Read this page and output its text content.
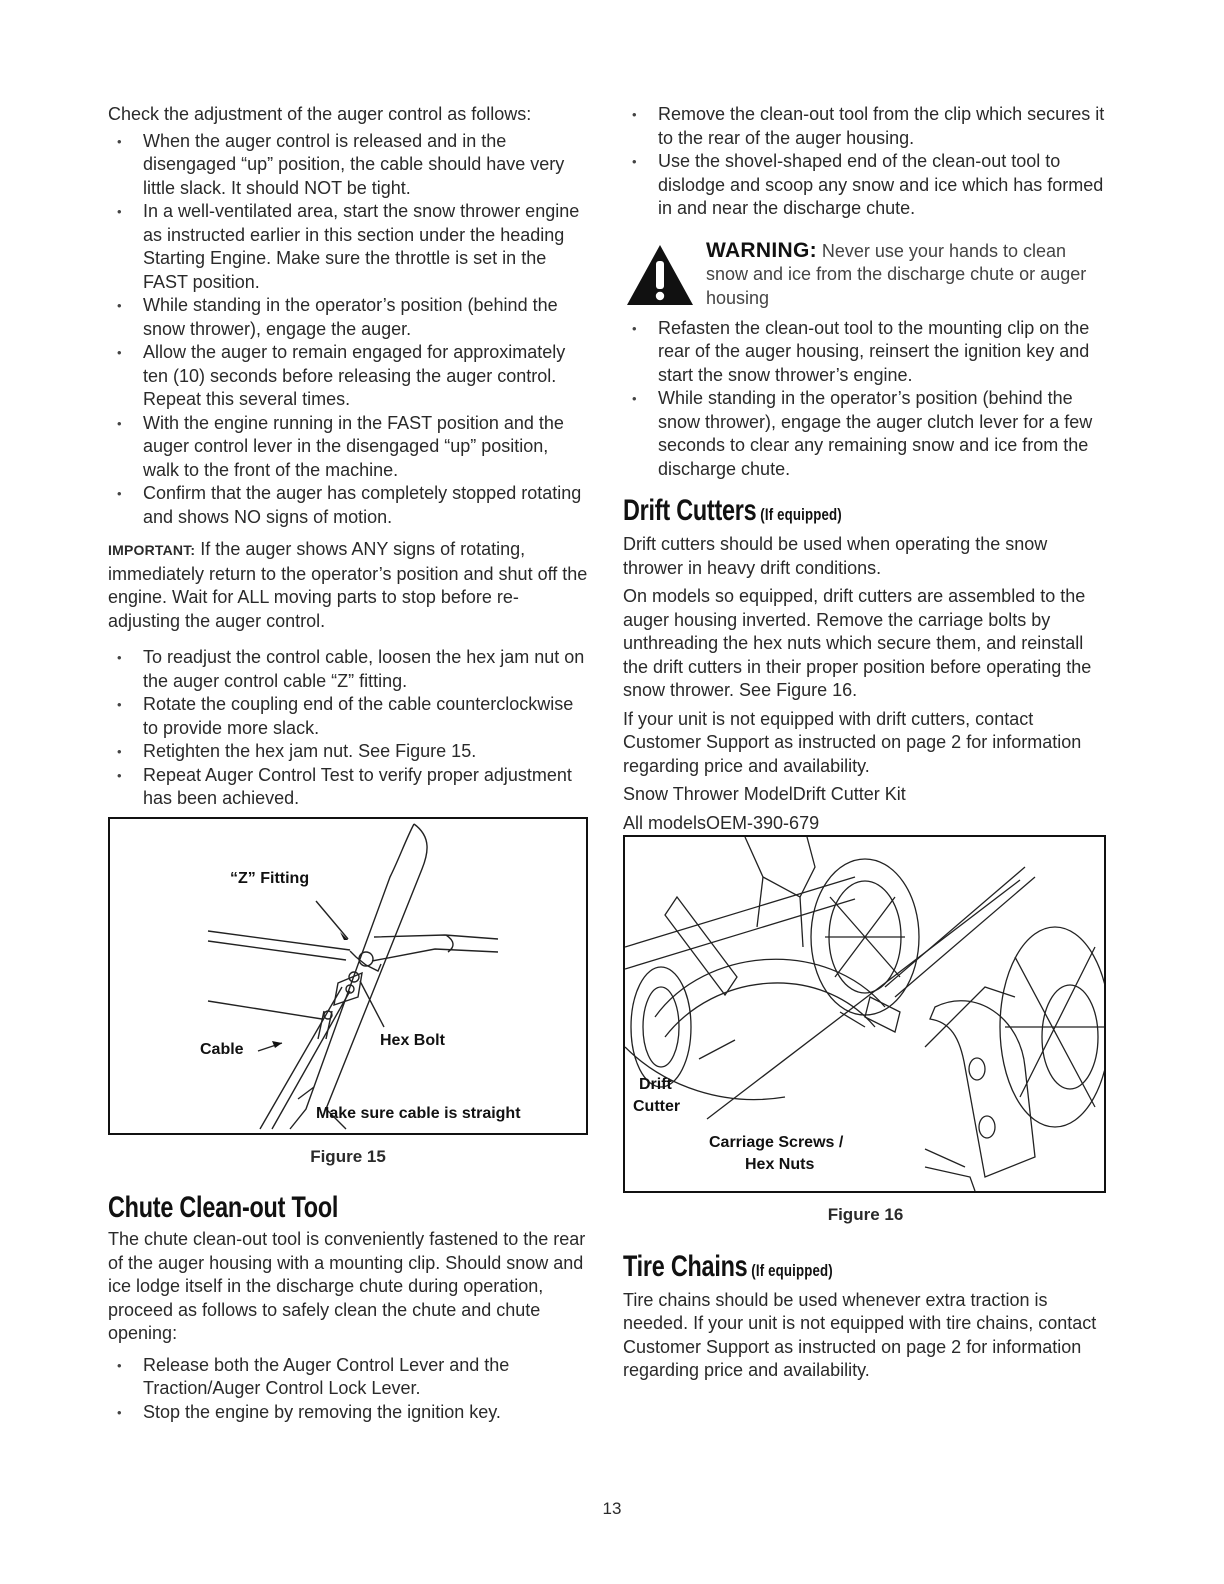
Check the adjustment of the auger control as follows:

• When the auger control is released and in the disengaged “up” position, the cable should have very little slack. It should NOT be tight.
• In a well-ventilated area, start the snow thrower engine as instructed earlier in this section under the heading Starting Engine. Make sure the throttle is set in the FAST position.
• While standing in the operator’s position (behind the snow thrower), engage the auger.
• Allow the auger to remain engaged for approximately ten (10) seconds before releasing the auger control. Repeat this several times.
• With the engine running in the FAST position and the auger control lever in the disengaged “up” position, walk to the front of the machine.
• Confirm that the auger has completely stopped rotating and shows NO signs of motion.

IMPORTANT: If the auger shows ANY signs of rotating, immediately return to the operator’s position and shut off the engine. Wait for ALL moving parts to stop before re-adjusting the auger control.

• To readjust the control cable, loosen the hex jam nut on the auger control cable “Z” fitting.
• Rotate the coupling end of the cable counterclockwise to provide more slack.
• Retighten the hex jam nut. See Figure 15.
• Repeat Auger Control Test to verify proper adjustment has been achieved.
“Z” Fitting
Hex Bolt
Cable
Make sure cable is straight
Figure 15
Chute Clean-out Tool

The chute clean-out tool is conveniently fastened to the rear of the auger housing with a mounting clip. Should snow and ice lodge itself in the discharge chute during operation, proceed as follows to safely clean the chute and chute opening:

• Release both the Auger Control Lever and the Traction/Auger Control Lock Lever.
• Stop the engine by removing the ignition key.
• Remove the clean-out tool from the clip which secures it to the rear of the auger housing.
• Use the shovel-shaped end of the clean-out tool to dislodge and scoop any snow and ice which has formed in and near the discharge chute.
WARNING: Never use your hands to clean snow and ice from the discharge chute or auger housing
• Refasten the clean-out tool to the mounting clip on the rear of the auger housing, reinsert the ignition key and start the snow thrower’s engine.
• While standing in the operator’s position (behind the snow thrower), engage the auger clutch lever for a few seconds to clear any remaining snow and ice from the discharge chute.
Drift Cutters (If equipped)

Drift cutters should be used when operating the snow thrower in heavy drift conditions.

On models so equipped, drift cutters are assembled to the auger housing inverted. Remove the carriage bolts by unthreading the hex nuts which secure them, and reinstall the drift cutters in their proper position before operating the snow thrower. See Figure 16.

If your unit is not equipped with drift cutters, contact Customer Support as instructed on page 2 for information regarding price and availability.

Snow Thrower ModelDrift Cutter Kit

All modelsOEM-390-679

Drift
Cutter
Carriage Screws /
Hex Nuts
Figure 16
Tire Chains (If equipped)

Tire chains should be used whenever extra traction is needed. If your unit is not equipped with tire chains, contact Customer Support as instructed on page 2 for information regarding price and availability.

13
